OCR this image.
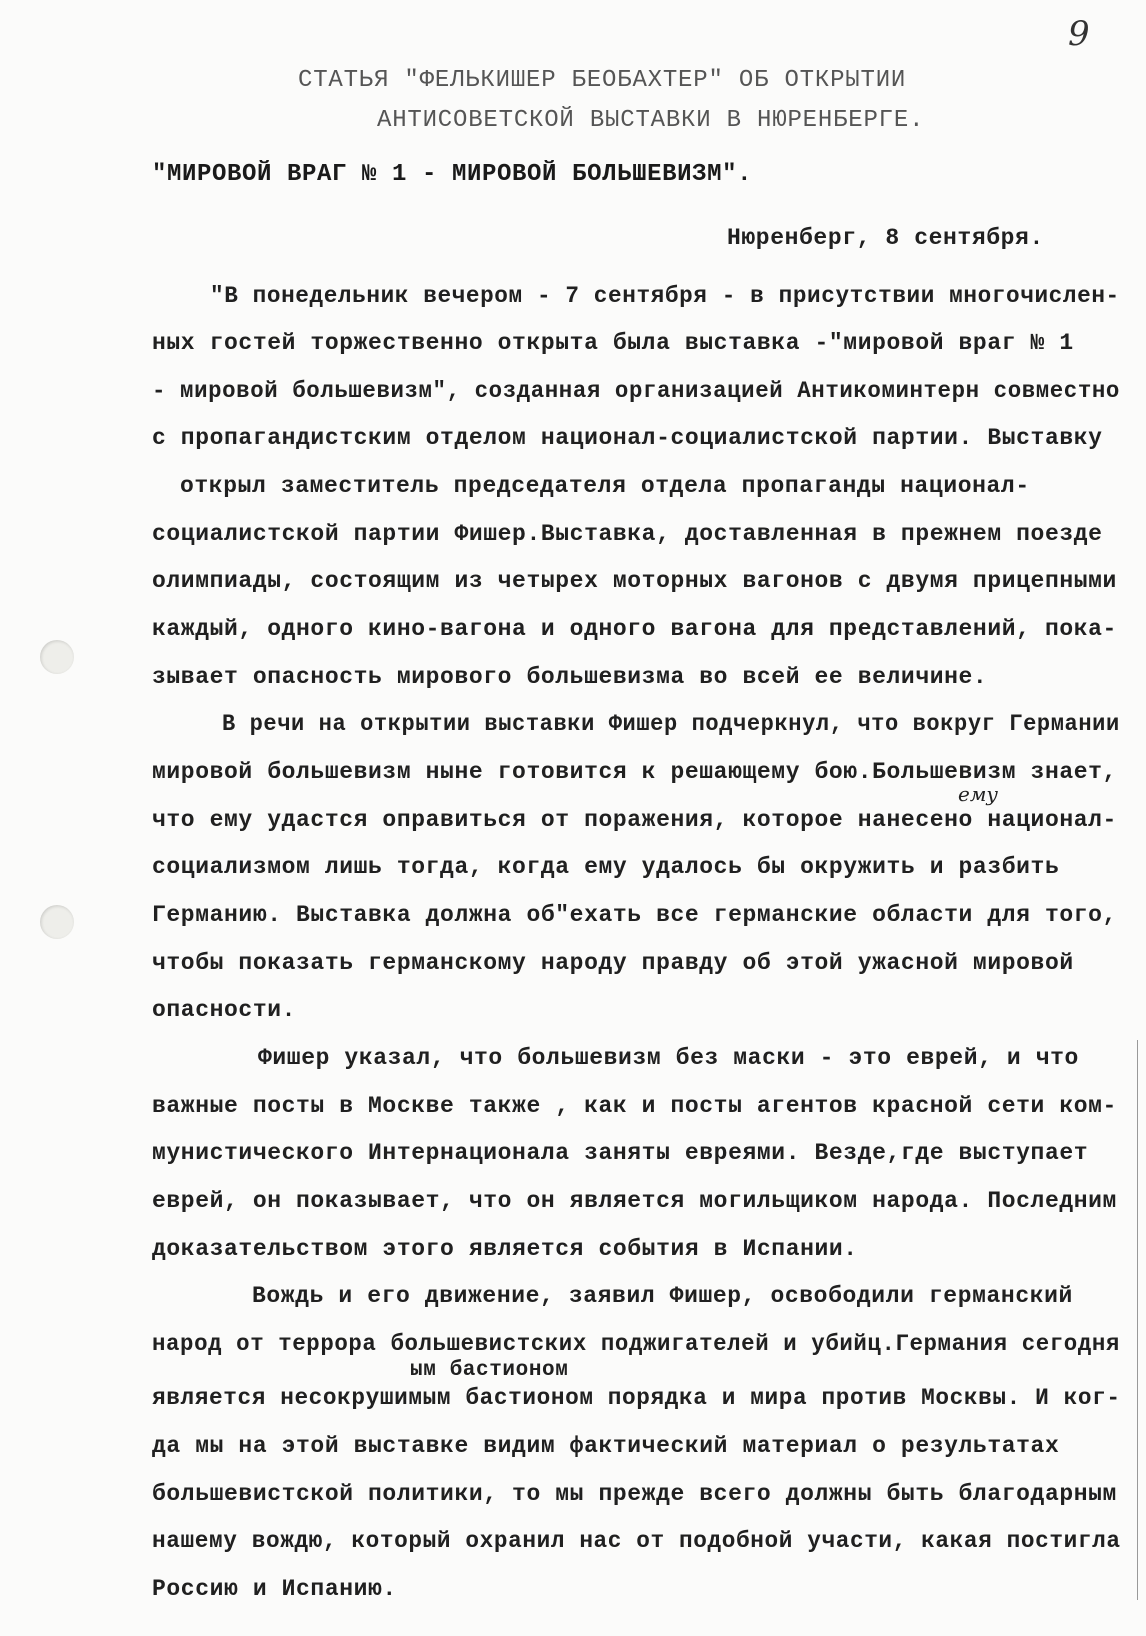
9
СТАТЬЯ "ФЕЛЬКИШЕР БЕОБАХТЕР" ОБ ОТКРЫТИИ
АНТИСОВЕТСКОЙ ВЫСТАВКИ В НЮРЕНБЕРГЕ.
"МИРОВОЙ ВРАГ № 1 - МИРОВОЙ БОЛЬШЕВИЗМ".
Нюренберг, 8 сентября.
"В понедельник вечером - 7 сентября - в присутствии многочислен-
ных гостей торжественно открыта была выставка -"мировой враг № 1
- мировой большевизм", созданная организацией Антикоминтерн совместно
с пропагандистским отделом национал-социалистской партии. Выставку
открыл заместитель председателя отдела пропаганды национал-
социалистской партии Фишер.Выставка, доставленная в прежнем поезде
олимпиады, состоящим из четырех моторных вагонов с двумя прицепными
каждый, одного кино-вагона и одного вагона для представлений, пока-
зывает опасность мирового большевизма во всей ее величине.
В речи на открытии выставки Фишер подчеркнул, что вокруг Германии
мировой большевизм ныне готовится к решающему бою.Большевизм знает,
ему
что ему удастся оправиться от поражения, которое нанесено национал-
социализмом лишь тогда, когда ему удалось бы окружить и разбить
Германию. Выставка должна об"ехать все германские области для того,
чтобы показать германскому народу правду об этой ужасной мировой
опасности.
Фишер указал, что большевизм без маски - это еврей, и что
важные посты в Москве также , как и посты агентов красной сети ком-
мунистического Интернационала заняты евреями. Везде,где выступает
еврей, он показывает, что он является могильщиком народа. Последним
доказательством этого является события в Испании.
Вождь и его движение, заявил Фишер, освободили германский
народ от террора большевистских поджигателей и убийц.Германия сегодня
ым бастионом
является несокрушимым бастионом порядка и мира против Москвы. И ког-
да мы на этой выставке видим фактический материал о результатах
большевистской политики, то мы прежде всего должны быть благодарным
нашему вождю, который охранил нас от подобной участи, какая постигла
Россию и Испанию.
